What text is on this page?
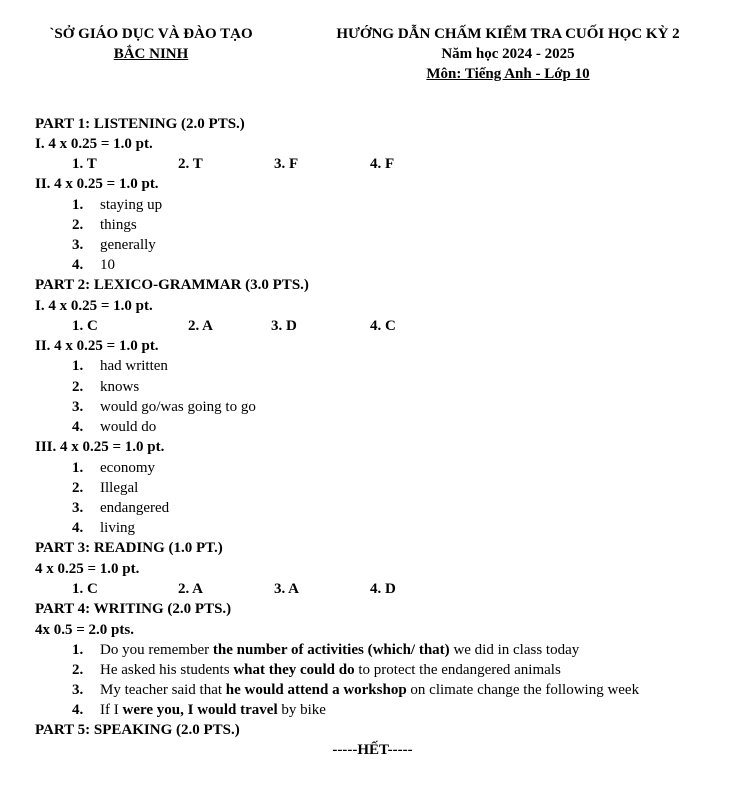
`SỞ GIÁO DỤC VÀ ĐÀO TẠO
BẮC NINH
HƯỚNG DẪN CHẤM KIỂM TRA CUỐI HỌC KỲ 2
Năm học 2024 - 2025
Môn: Tiếng Anh - Lớp 10
PART 1: LISTENING (2.0 PTS.)
I. 4 x 0.25 = 1.0 pt.
1. T	2. T	3. F	4. F
II. 4 x 0.25 = 1.0 pt.
1. staying up
2. things
3. generally
4. 10
PART 2: LEXICO-GRAMMAR (3.0 PTS.)
I. 4 x 0.25 = 1.0 pt.
1. C	2. A	3. D	4. C
II. 4 x 0.25 = 1.0 pt.
1. had written
2. knows
3. would go/was going to go
4. would do
III. 4 x 0.25 = 1.0 pt.
1. economy
2. Illegal
3. endangered
4. living
PART 3: READING (1.0 PT.)
4 x 0.25 = 1.0 pt.
1. C	2. A	3. A	4. D
PART 4: WRITING (2.0 PTS.)
4x 0.5 = 2.0 pts.
1. Do you remember the number of activities (which/ that) we did in class today
2. He asked his students what they could do to protect the endangered animals
3. My teacher said that he would attend a workshop on climate change the following week
4. If I were you, I would travel by bike
PART 5: SPEAKING (2.0 PTS.)
-----HẾT-----
